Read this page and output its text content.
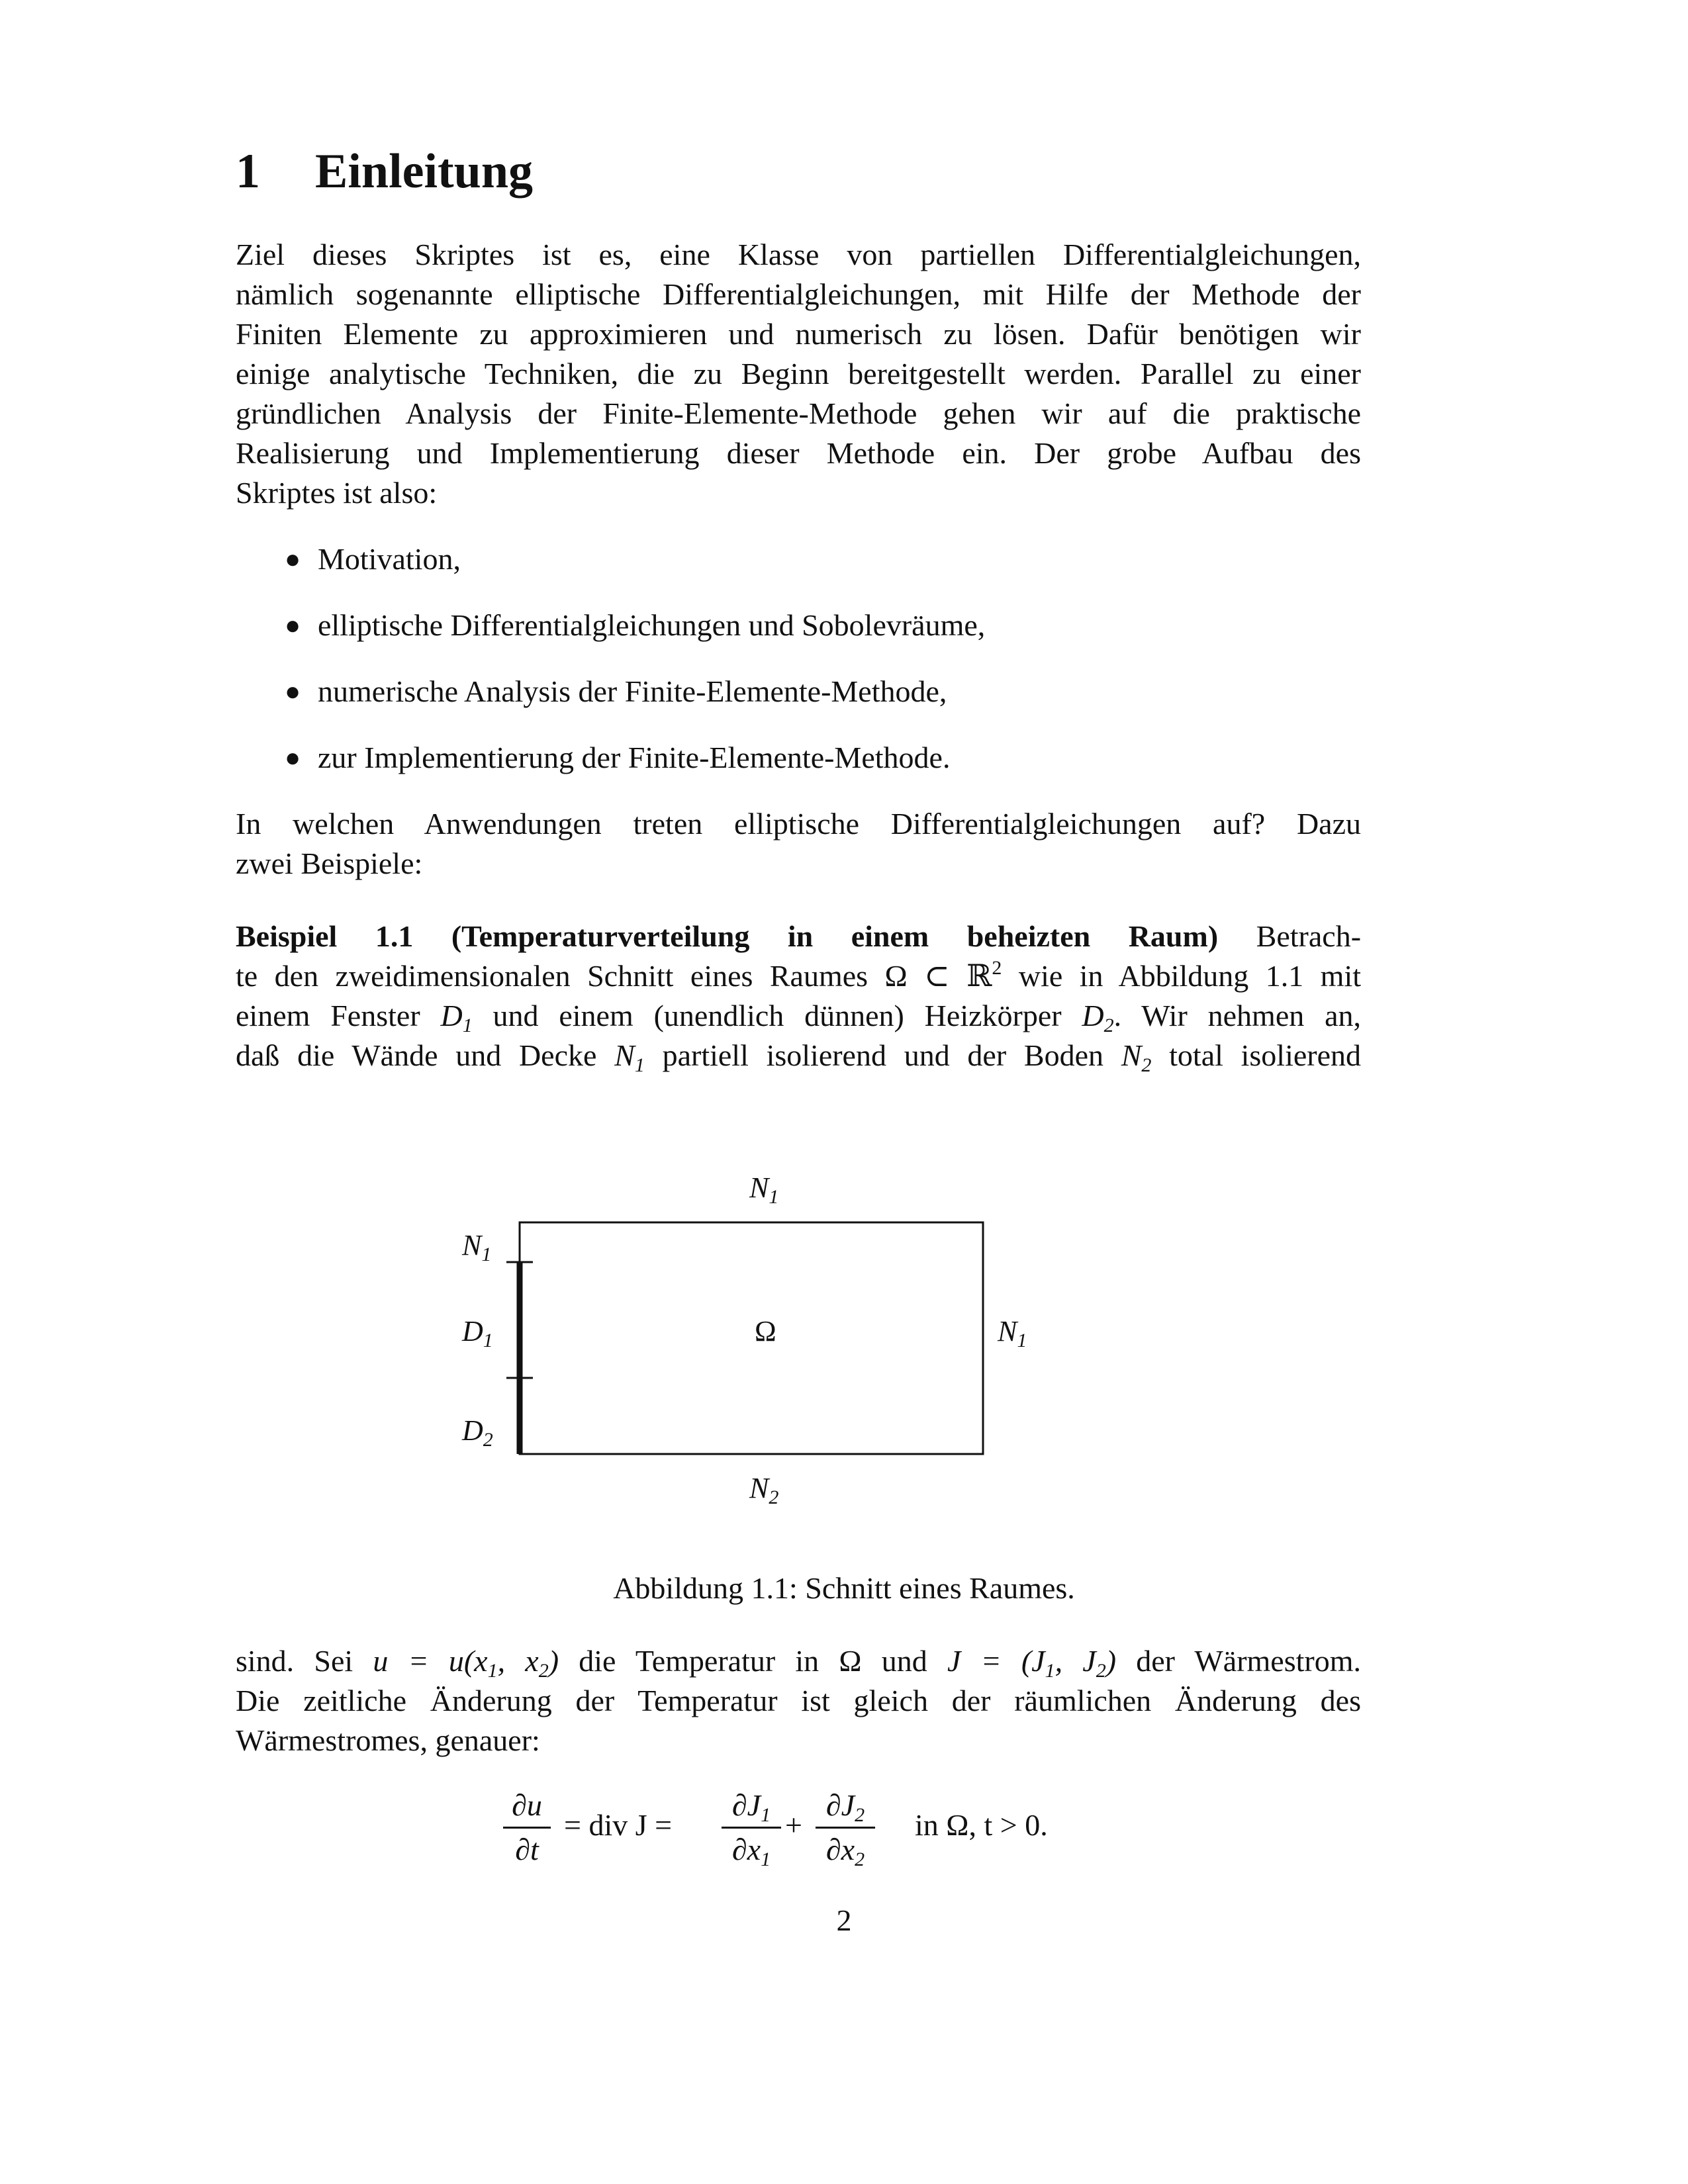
1 Einleitung
Ziel dieses Skriptes ist es, eine Klasse von partiellen Differentialgleichungen,
nämlich sogenannte elliptische Differentialgleichungen, mit Hilfe der Methode der
Finiten Elemente zu approximieren und numerisch zu lösen. Dafür benötigen wir
einige analytische Techniken, die zu Beginn bereitgestellt werden. Parallel zu einer
gründlichen Analysis der Finite-Elemente-Methode gehen wir auf die praktische
Realisierung und Implementierung dieser Methode ein. Der grobe Aufbau des
Skriptes ist also:
● Motivation,
● elliptische Differentialgleichungen und Sobolevräume,
● numerische Analysis der Finite-Elemente-Methode,
● zur Implementierung der Finite-Elemente-Methode.
In welchen Anwendungen treten elliptische Differentialgleichungen auf? Dazu
zwei Beispiele:
Beispiel 1.1 (Temperaturverteilung in einem beheizten Raum) Betrach-
te den zweidimensionalen Schnitt eines Raumes Ω ⊂ ℝ$^2$ wie in Abbildung 1.1 mit
einem Fenster $D_1$ und einem (unendlich dünnen) Heizkörper $D_2$. Wir nehmen an,
daß die Wände und Decke $N_1$ partiell isolierend und der Boden $N_2$ total isolierend
$N_1$
$N_1$
$D_1$
$D_2$
Ω	$N_1$
$N_2$
Abbildung 1.1: Schnitt eines Raumes.
sind. Sei $u = u(x_1$, $x_2$) die Temperatur in Ω und $J = (J_1$, $J_2$) der Wärmestrom.
Die zeitliche Änderung der Temperatur ist gleich der räumlichen Änderung des
Wärmestromes, genauer:
∂u
∂t
= div J =
$\partial J_1$
$\partial x_1$
+
$\partial J_2$
$\partial x_2$
in Ω, t > 0.
2
